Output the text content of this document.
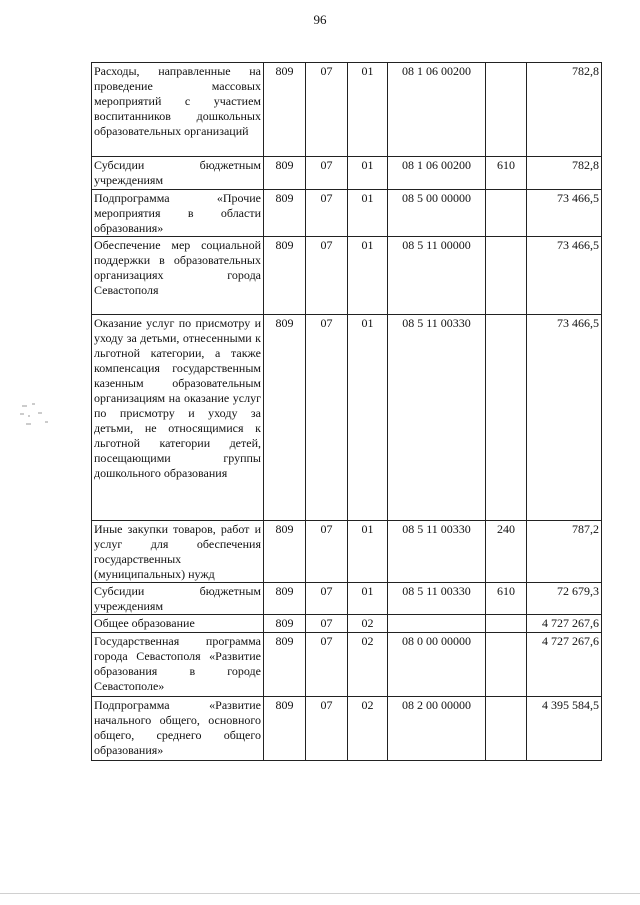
96
Расходы, направленные на проведение массовых мероприятий с участием воспитанников дошкольных образовательных организаций	809	07	01	08 1 06 00200		782,8
Субсидии бюджетным учреждениям	809	07	01	08 1 06 00200	610	782,8
Подпрограмма «Прочие мероприятия в области образования»	809	07	01	08 5 00 00000		73 466,5
Обеспечение мер социальной поддержки в образовательных организациях города Севастополя	809	07	01	08 5 11 00000		73 466,5
Оказание услуг по присмотру и уходу за детьми, отнесенными к льготной категории, а также компенсация государственным казенным образовательным организациям на оказание услуг по присмотру и уходу за детьми, не относящимися к льготной категории детей, посещающими группы дошкольного образования	809	07	01	08 5 11 00330		73 466,5
Иные закупки товаров, работ и услуг для обеспечения государственных (муниципальных) нужд	809	07	01	08 5 11 00330	240	787,2
Субсидии бюджетным учреждениям	809	07	01	08 5 11 00330	610	72 679,3
Общее образование	809	07	02			4 727 267,6
Государственная программа города Севастополя «Развитие образования в городе Севастополе»	809	07	02	08 0 00 00000		4 727 267,6
Подпрограмма «Развитие начального общего, основного общего, среднего общего образования»	809	07	02	08 2 00 00000		4 395 584,5
